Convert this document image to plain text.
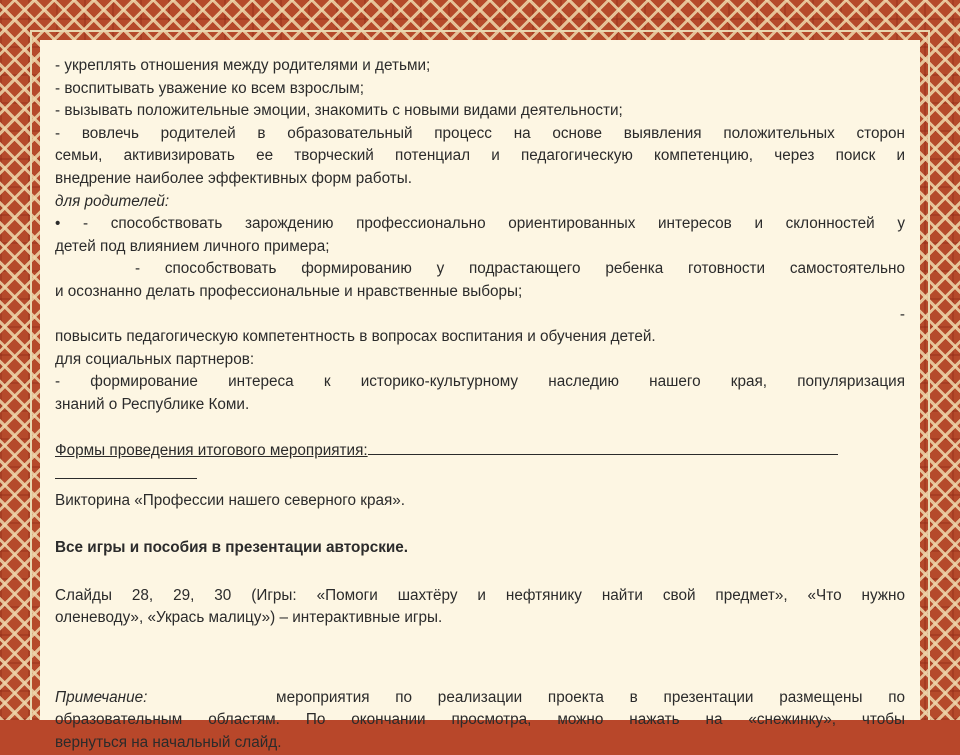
- укреплять отношения между родителями и детьми;
- воспитывать уважение ко всем взрослым;
- вызывать положительные эмоции, знакомить с новыми видами деятельности;
- вовлечь родителей в образовательный процесс на основе выявления положительных сторон
семьи, активизировать ее творческий потенциал и педагогическую компетенцию, через поиск и
внедрение наиболее эффективных форм работы.
для родителей:
• - способствовать зарождению профессионально ориентированных интересов и склонностей у
детей под влиянием личного примера;
- способствовать формированию у подрастающего ребенка готовности самостоятельно
и осознанно делать профессиональные и нравственные выборы;
-
повысить педагогическую компетентность в вопросах воспитания и обучения детей.
для социальных партнеров:
- формирование интереса к историко-культурному наследию нашего края, популяризация
знаний о Республике Коми.
Формы проведения итогового мероприятия:
Викторина «Профессии нашего северного края».
Все игры и пособия в презентации авторские.
Слайды 28, 29, 30 (Игры: «Помоги шахтёру и нефтянику найти свой предмет», «Что нужно
оленеводу», «Укрась малицу») – интерактивные игры.
Примечание:	мероприятия по реализации проекта в презентации размещены по
образовательным областям. По окончании просмотра, можно нажать на «снежинку», чтобы
вернуться на начальный слайд.
